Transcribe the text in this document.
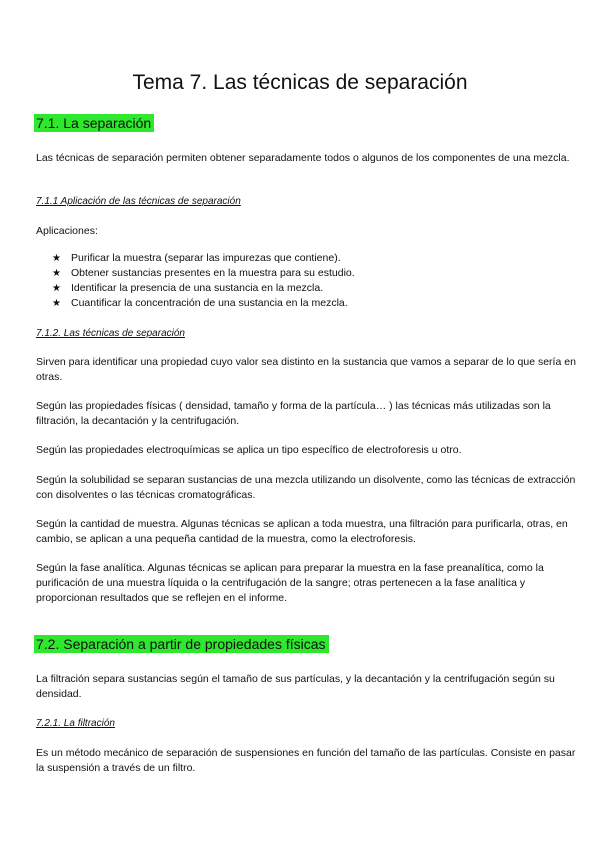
Tema 7. Las técnicas de separación
7.1. La separación

Las técnicas de separación permiten obtener separadamente todos o algunos de los componentes de una mezcla.

7.1.1 Aplicación de las técnicas de separación

Aplicaciones:

★ Purificar la muestra (separar las impurezas que contiene).
★ Obtener sustancias presentes en la muestra para su estudio.
★ Identificar la presencia de una sustancia en la mezcla.
★ Cuantificar la concentración de una sustancia en la mezcla.
7.1.2. Las técnicas de separación

Sirven para identificar una propiedad cuyo valor sea distinto en la sustancia que vamos a separar de lo que sería en otras.

Según las propiedades físicas ( densidad, tamaño y forma de la partícula… ) las técnicas más utilizadas son la filtración, la decantación y la centrifugación.

Según las propiedades electroquímicas se aplica un tipo específico de electroforesis u otro.

Según la solubilidad se separan sustancias de una mezcla utilizando un disolvente, como las técnicas de extracción con disolventes o las técnicas cromatográficas.

Según la cantidad de muestra. Algunas técnicas se aplican a toda muestra, una filtración para purificarla, otras, en cambio, se aplican a una pequeña cantidad de la muestra, como la electroforesis.

Según la fase analítica. Algunas técnicas se aplican para preparar la muestra en la fase preanalítica, como la purificación de una muestra líquida o la centrifugación de la sangre; otras pertenecen a la fase analítica y proporcionan resultados que se reflejen en el informe.

7.2. Separación a partir de propiedades físicas

La filtración separa sustancias según el tamaño de sus partículas, y la decantación y la centrifugación según su densidad.

7.2.1. La filtración

Es un método mecánico de separación de suspensiones en función del tamaño de las partículas. Consiste en pasar la suspensión a través de un filtro.
